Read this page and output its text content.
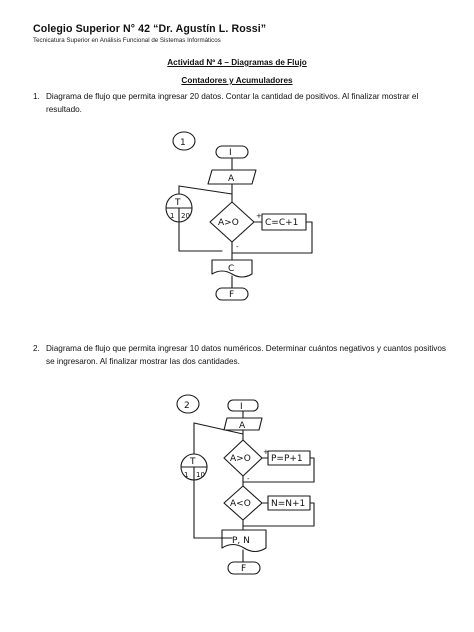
Colegio Superior N° 42 “Dr. Agustín L. Rossi”
Tecnicatura Superior en Análisis Funcional de Sistemas Informáticos
Actividad Nº 4 – Diagramas de Flujo
Contadores y Acumuladores
1. Diagrama de flujo que permita ingresar 20 datos. Contar la cantidad de positivos. Al finalizar mostrar el resultado.
1
I
A
T
1 20
A>O
+
-
C=C+1
C
F
2. Diagrama de flujo que permita ingresar 10 datos numéricos. Determinar cuántos negativos y cuantos positivos se ingresaron. Al finalizar mostrar las dos cantidades.
2	I
A
T
1 10
A>O
+
-
P=P+1
A<O N=N+1
P, N
F
